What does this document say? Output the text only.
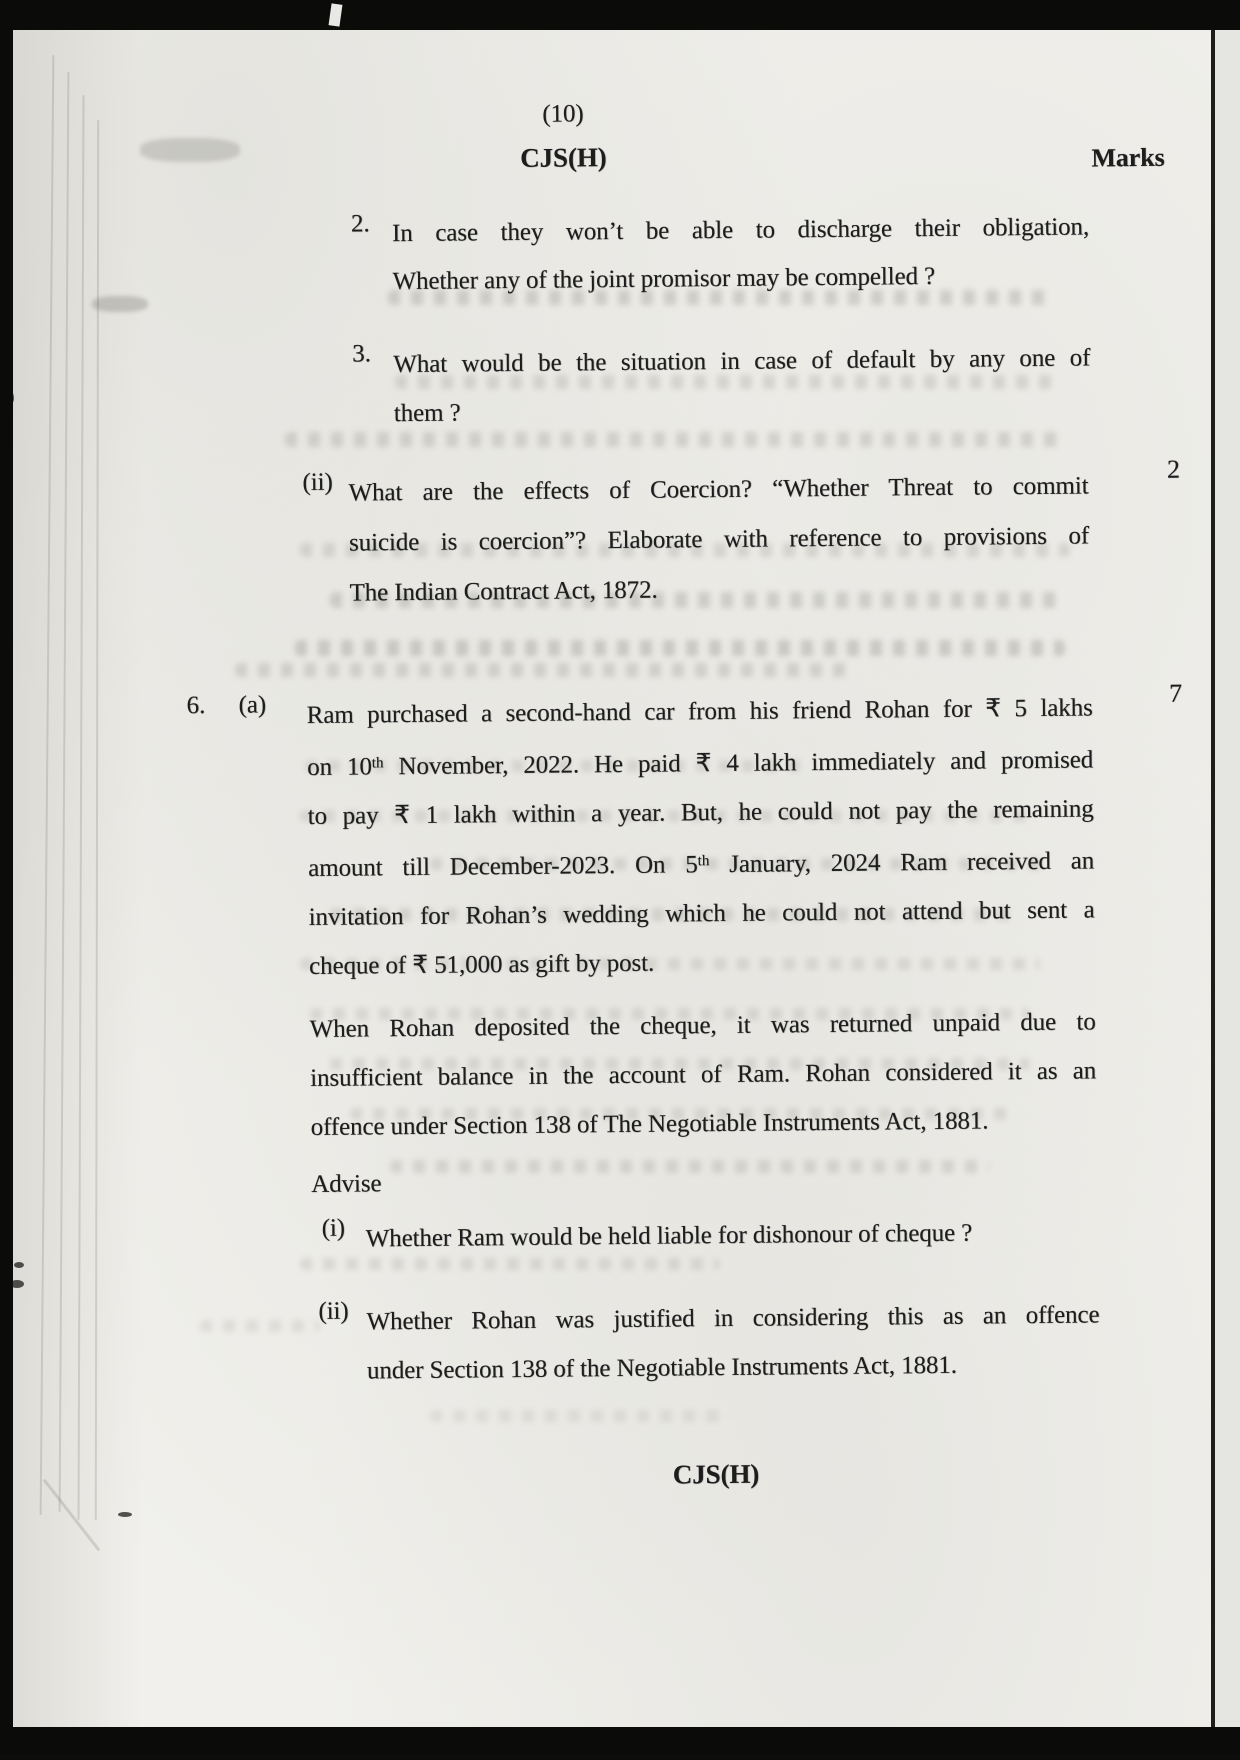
(10)
CJS(H)	Marks
2. In case they won’t be able to discharge their obligation,
Whether any of the joint promisor may be compelled ?
3. What would be the situation in case of default by any one of
them ?
(ii) What are the effects of Coercion? “Whether Threat to commit
suicide is coercion”? Elaborate with reference to provisions of
The Indian Contract Act, 1872.
2
6. (a) Ram purchased a second-hand car from his friend Rohan for ₹ 5 lakhs
on 10th November, 2022. He paid ₹ 4 lakh immediately and promised
to pay ₹ 1 lakh within a year. But, he could not pay the remaining
amount till December-2023. On 5th January, 2024 Ram received an
invitation for Rohan’s wedding which he could not attend but sent a
cheque of ₹ 51,000 as gift by post.
7
When Rohan deposited the cheque, it was returned unpaid due to
insufficient balance in the account of Ram. Rohan considered it as an
offence under Section 138 of The Negotiable Instruments Act, 1881.
Advise
(i) Whether Ram would be held liable for dishonour of cheque ?
(ii) Whether Rohan was justified in considering this as an offence
under Section 138 of the Negotiable Instruments Act, 1881.
CJS(H)
